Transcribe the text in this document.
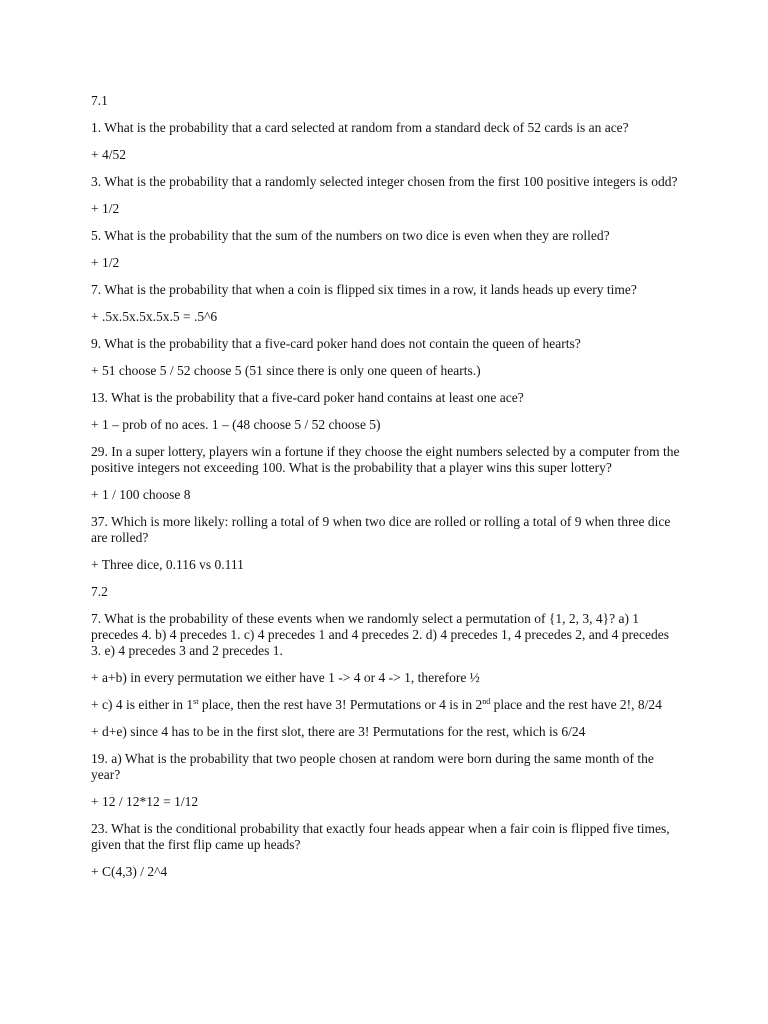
7.1

1. What is the probability that a card selected at random from a standard deck of 52 cards is an ace?

+ 4/52

3. What is the probability that a randomly selected integer chosen from the first 100 positive integers is odd?

+ 1/2

5. What is the probability that the sum of the numbers on two dice is even when they are rolled?

+ 1/2

7. What is the probability that when a coin is flipped six times in a row, it lands heads up every time?

+ .5x.5x.5x.5x.5 = .5^6

9. What is the probability that a five-card poker hand does not contain the queen of hearts?

+ 51 choose 5 / 52 choose 5 (51 since there is only one queen of hearts.)

13. What is the probability that a five-card poker hand contains at least one ace?

+ 1 – prob of no aces. 1 – (48 choose 5 / 52 choose 5)

29. In a super lottery, players win a fortune if they choose the eight numbers selected by a computer from the positive integers not exceeding 100. What is the probability that a player wins this super lottery?

+ 1 / 100 choose 8

37. Which is more likely: rolling a total of 9 when two dice are rolled or rolling a total of 9 when three dice are rolled?

+ Three dice, 0.116 vs 0.111

7.2

7. What is the probability of these events when we randomly select a permutation of {1, 2, 3, 4}? a) 1 precedes 4. b) 4 precedes 1. c) 4 precedes 1 and 4 precedes 2. d) 4 precedes 1, 4 precedes 2, and 4 precedes 3. e) 4 precedes 3 and 2 precedes 1.

+ a+b) in every permutation we either have 1 -> 4 or 4 -> 1, therefore ½

+ c) 4 is either in 1st place, then the rest have 3! Permutations or 4 is in 2nd place and the rest have 2!, 8/24

+ d+e) since 4 has to be in the first slot, there are 3! Permutations for the rest, which is 6/24

19. a) What is the probability that two people chosen at random were born during the same month of the year?

+ 12 / 12*12 = 1/12

23. What is the conditional probability that exactly four heads appear when a fair coin is flipped five times, given that the first flip came up heads?

+ C(4,3) / 2^4
